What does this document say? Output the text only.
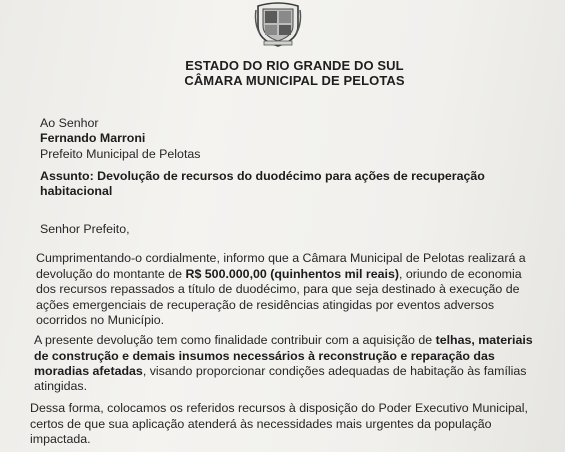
ESTADO DO RIO GRANDE DO SUL
CÂMARA MUNICIPAL DE PELOTAS
Ao Senhor
Fernando Marroni
Prefeito Municipal de Pelotas
Assunto: Devolução de recursos do duodécimo para ações de recuperação
habitacional
Senhor Prefeito,
Cumprimentando-o cordialmente, informo que a Câmara Municipal de Pelotas realizará a
devolução do montante de R$ 500.000,00 (quinhentos mil reais), oriundo de economia
dos recursos repassados a título de duodécimo, para que seja destinado à execução de
ações emergenciais de recuperação de residências atingidas por eventos adversos
ocorridos no Município.
A presente devolução tem como finalidade contribuir com a aquisição de telhas, materiais
de construção e demais insumos necessários à reconstrução e reparação das
moradias afetadas, visando proporcionar condições adequadas de habitação às famílias
atingidas.
Dessa forma, colocamos os referidos recursos à disposição do Poder Executivo Municipal,
certos de que sua aplicação atenderá às necessidades mais urgentes da população
impactada.
